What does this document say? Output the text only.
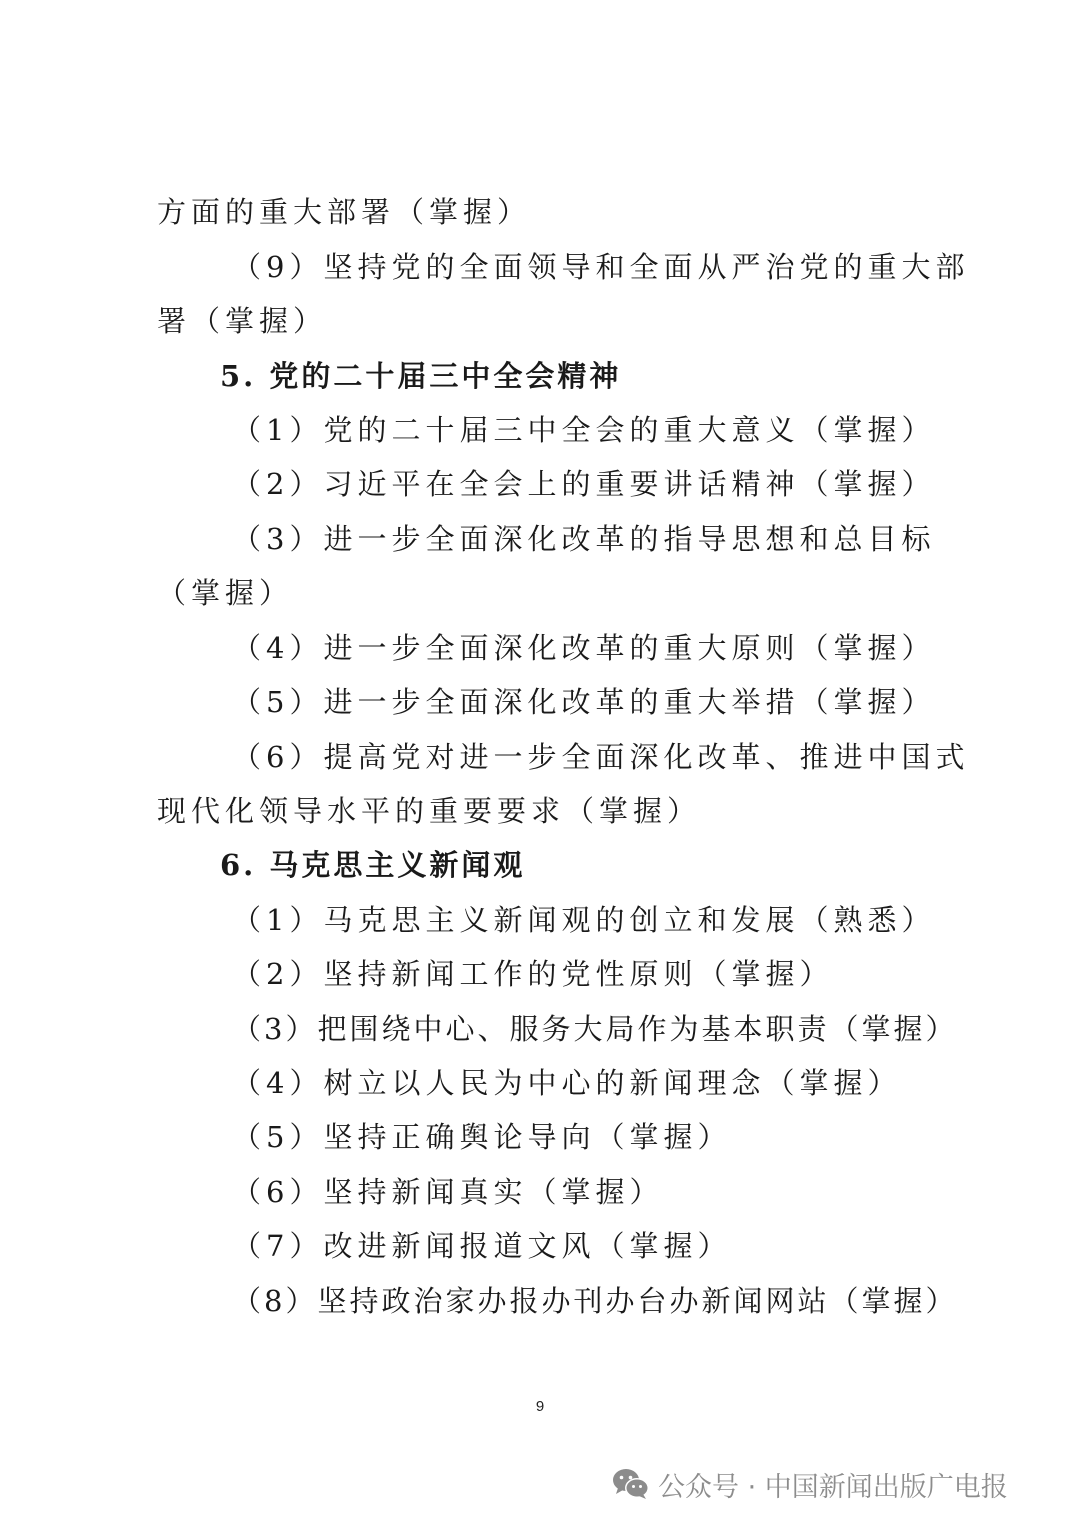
方面的重大部署（掌握）
（9）坚持党的全面领导和全面从严治党的重大部
署（掌握）
5. 党的二十届三中全会精神
（1）党的二十届三中全会的重大意义（掌握）
（2）习近平在全会上的重要讲话精神（掌握）
（3）进一步全面深化改革的指导思想和总目标
（掌握）
（4）进一步全面深化改革的重大原则（掌握）
（5）进一步全面深化改革的重大举措（掌握）
（6）提高党对进一步全面深化改革、推进中国式
现代化领导水平的重要要求（掌握）
6. 马克思主义新闻观
（1）马克思主义新闻观的创立和发展（熟悉）
（2）坚持新闻工作的党性原则（掌握）
（3）把围绕中心、服务大局作为基本职责（掌握）
（4）树立以人民为中心的新闻理念（掌握）
（5）坚持正确舆论导向（掌握）
（6）坚持新闻真实（掌握）
（7）改进新闻报道文风（掌握）
（8）坚持政治家办报办刊办台办新闻网站（掌握）
9
公众号 · 中国新闻出版广电报
